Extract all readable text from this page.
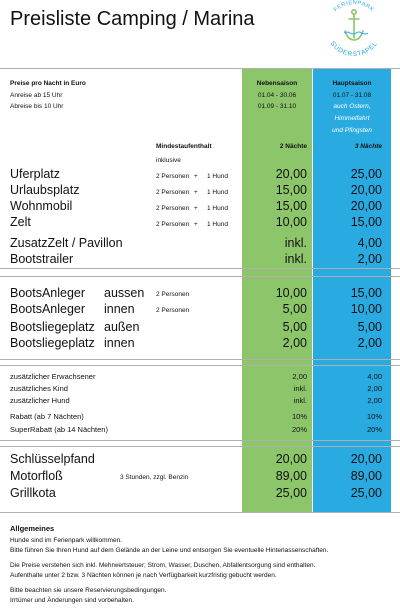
Preisliste Camping / Marina	FERIENPARK
SÜDERSTAPEL
Preise pro Nacht in Euro
Anreise ab 15 Uhr
Abreise bis 10 Uhr
Nebensaison
01.04 - 30.06
01.09 - 31.10
Hauptsaison
01.07 - 31.08
auch Ostern,
Himmelfahrt
und Pfingsten
Mindestaufenthalt	2 Nächte	3 Nächte
inklusive
Uferplatz	2 Personen + 1 Hund	20,00	25,00
Urlaubsplatz	2 Personen + 1 Hund	15,00	20,00
Wohnmobil	2 Personen + 1 Hund	15,00	20,00
Zelt	2 Personen + 1 Hund	10,00	15,00
ZusatzZelt / Pavillon	inkl.	4,00
Bootstrailer	inkl.	2,00
BootsAnleger aussen 2 Personen	10,00	15,00
BootsAnleger innen	2 Personen	5,00	10,00
Bootsliegeplatz außen	5,00	5,00
Bootsliegeplatz innen	2,00	2,00
zusätzlicher Erwachsener	2,00	4,00
zusätzliches Kind	inkl.	2,00
zusätzlicher Hund	inkl.	2,00
Rabatt (ab 7 Nächten)	10%	10%
SuperRabatt (ab 14 Nächten)	20%	20%
Schlüsselpfand	20,00	20,00
Motorfloß	3 Stunden, zzgl. Benzin	89,00	89,00
Grillkota	25,00	25,00
Allgemeines
Hunde sind im Ferienpark willkommen.
Bitte führen Sie Ihren Hund auf dem Gelände an der Leine und entsorgen Sie eventuelle Hinterlassenschaften.
Die Preise verstehen sich inkl. Mehrwertsteuer; Strom, Wasser, Duschen, Abfallentsorgung sind enthalten.
Aufenthalte unter 2 bzw. 3 Nächten können je nach Verfügbarkeit kurzfristig gebucht werden.
Bitte beachten sie unsere Reservierungsbedingungen.
Irrtümer und Änderungen sind vorbehalten.
